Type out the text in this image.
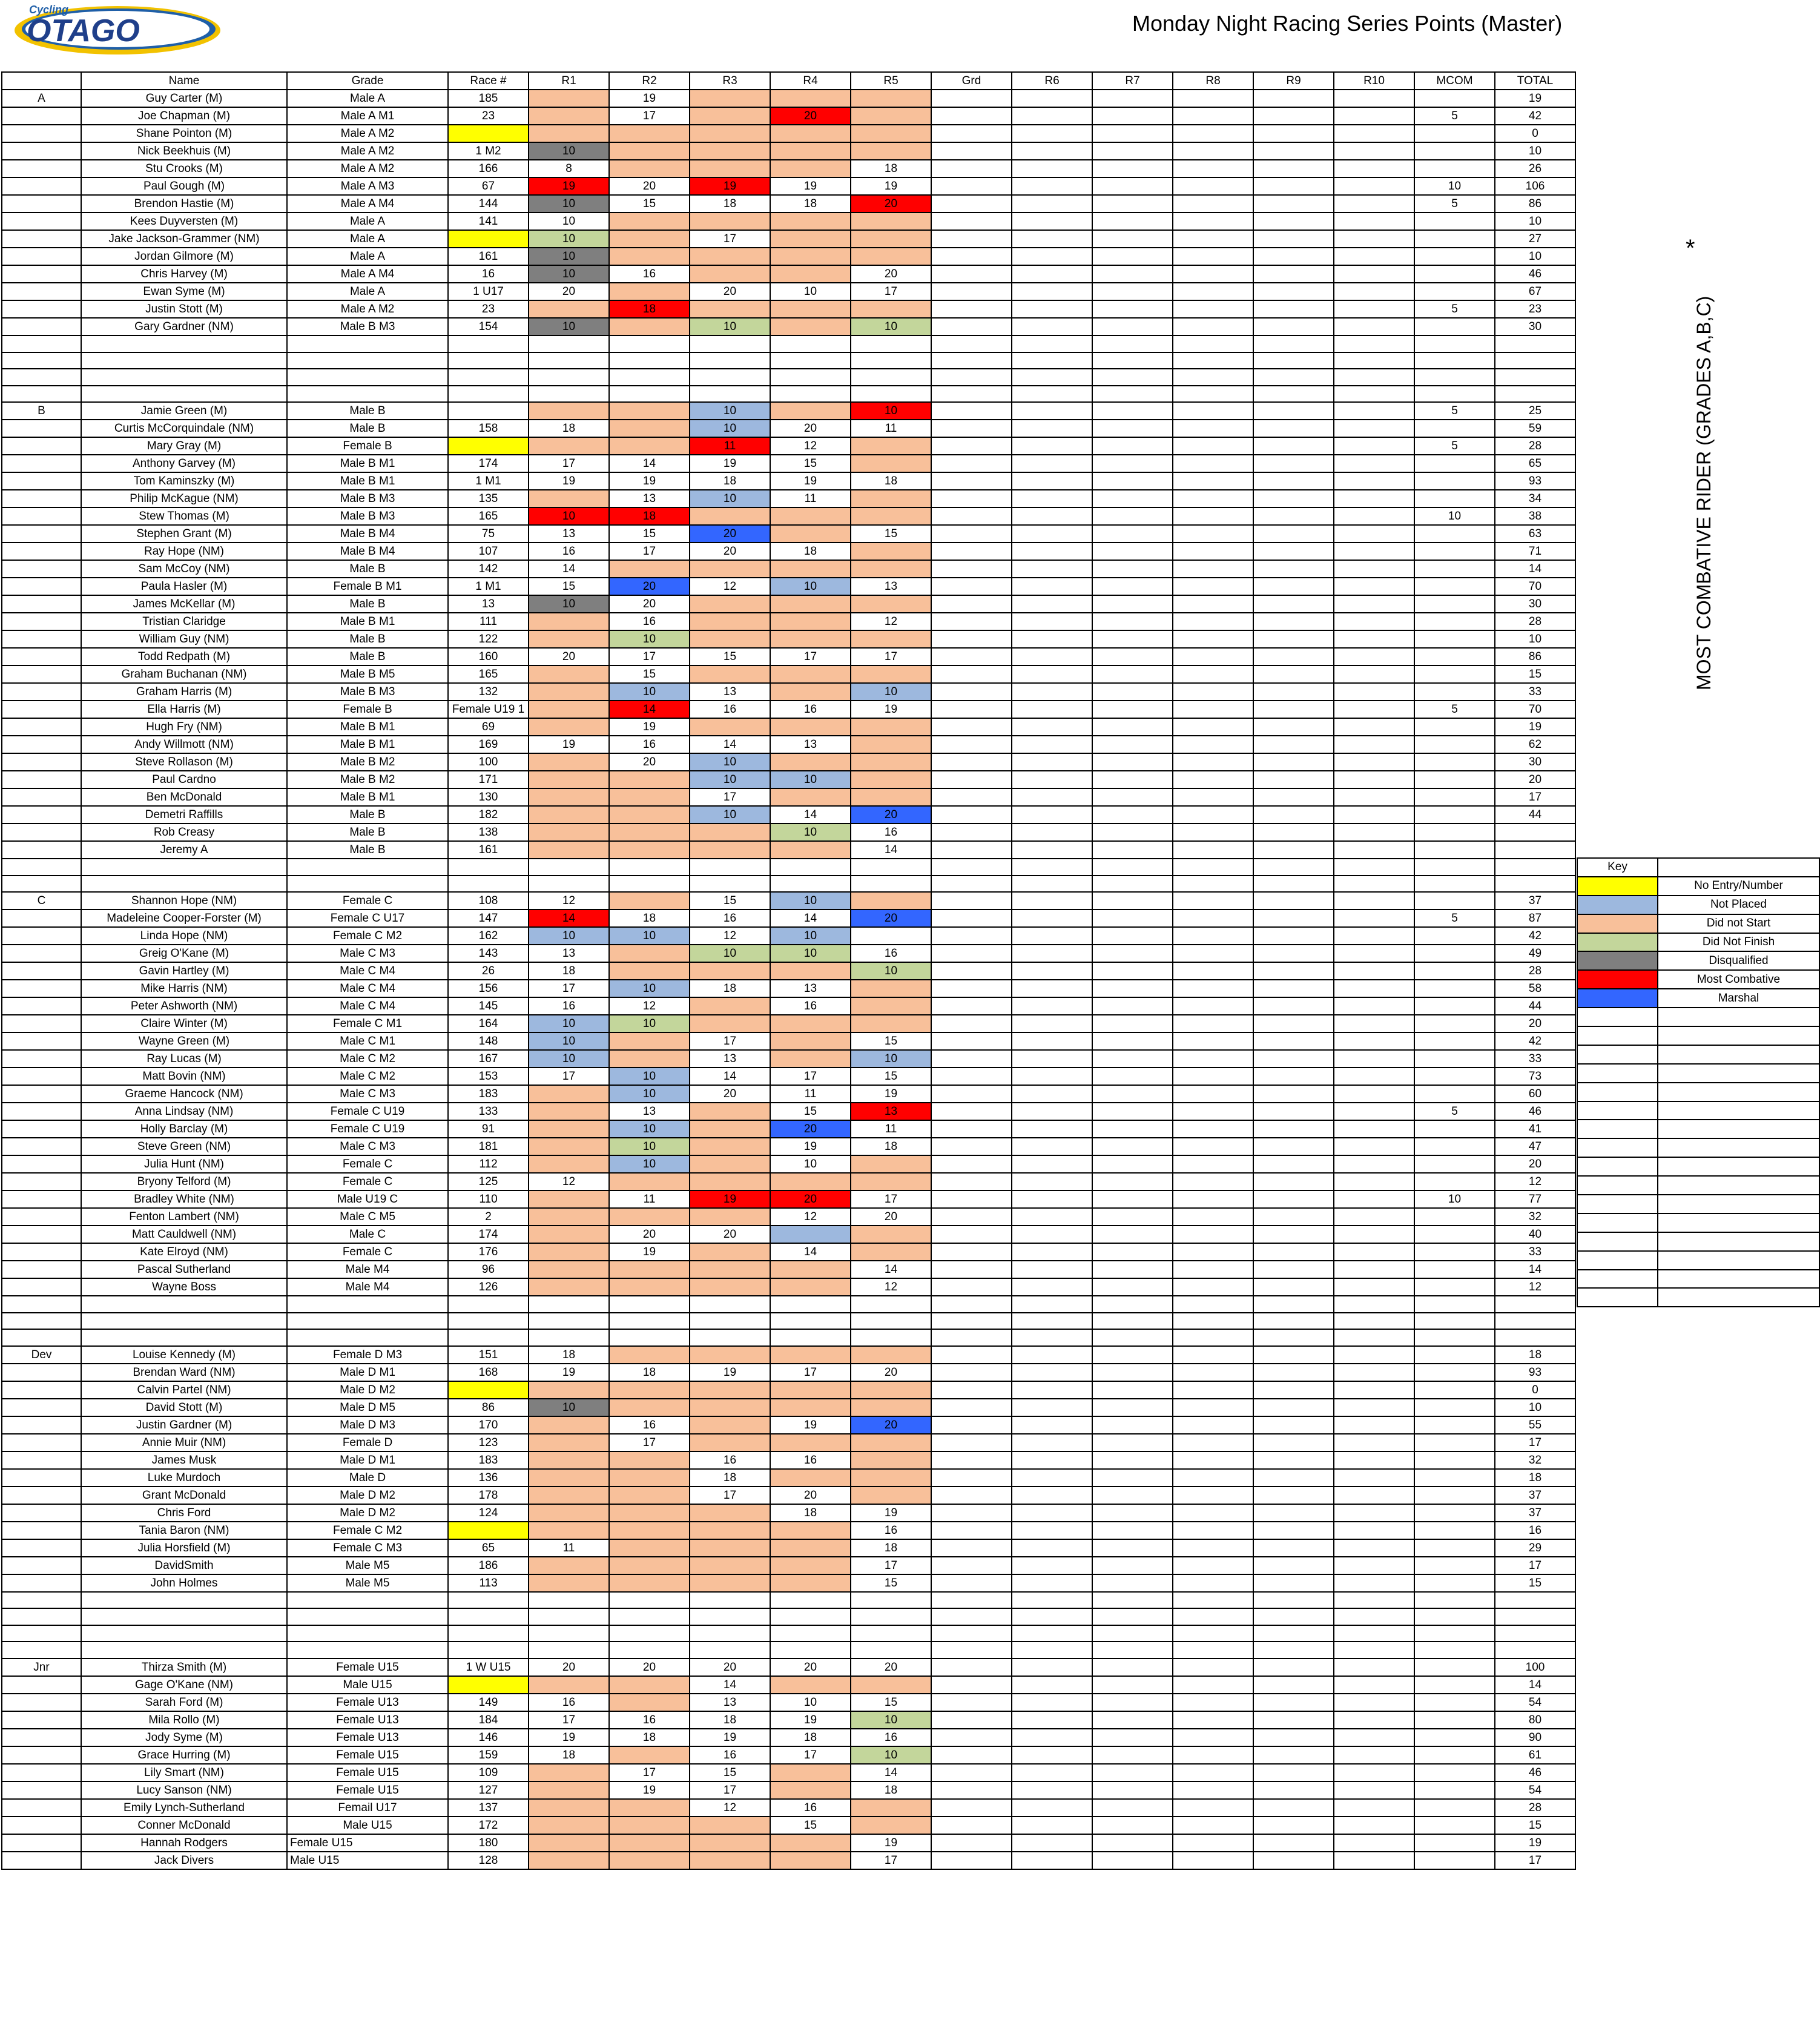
Cycling
OTAGO	Monday Night Racing Series Points (Master)
	Name	Grade	Race #	R1	R2	R3	R4	R5	Grd	R6	R7	R8	R9	R10	MCOM	TOTAL
A	Guy Carter (M)	Male A	185		19											19
	Joe Chapman (M)	Male A M1	23		17		20								5	42
	Shane Pointon (M)	Male A M2														0
	Nick Beekhuis (M)	Male A M2	1 M2	10												10
	Stu Crooks (M)	Male A M2	166	8				18								26
	Paul Gough (M)	Male A M3	67	19	20	19	19	19							10	106
	Brendon Hastie (M)	Male A M4	144	10	15	18	18	20							5	86
	Kees Duyversten (M)	Male A	141	10												10
	Jake Jackson-Grammer (NM)	Male A		10		17										27
	Jordan Gilmore (M)	Male A	161	10												10
	Chris Harvey (M)	Male A M4	16	10	16			20								46
	Ewan Syme (M)	Male A	1 U17	20		20	10	17								67
	Justin Stott (M)	Male A M2	23		18										5	23
	Gary Gardner (NM)	Male B M3	154	10		10		10								30

B	Jamie Green (M)	Male B				10		10							5	25
	Curtis McCorquindale (NM)	Male B	158	18		10	20	11								59
	Mary Gray (M)	Female B				11	12								5	28
	Anthony Garvey (M)	Male B M1	174	17	14	19	15									65
	Tom Kaminszky (M)	Male B M1	1 M1	19	19	18	19	18								93
	Philip McKague (NM)	Male B M3	135		13	10	11									34
	Stew Thomas (M)	Male B M3	165	10	18										10	38
	Stephen Grant (M)	Male B M4	75	13	15	20		15								63
	Ray Hope (NM)	Male B M4	107	16	17	20	18									71
	Sam McCoy (NM)	Male B	142	14												14
	Paula Hasler (M)	Female B M1	1 M1	15	20	12	10	13								70
	James McKellar (M)	Male B	13	10	20											30
	Tristian Claridge	Male B M1	111		16			12								28
	William Guy (NM)	Male B	122		10											10
	Todd Redpath (M)	Male B	160	20	17	15	17	17								86
	Graham Buchanan (NM)	Male B M5	165		15											15
	Graham Harris (M)	Male B M3	132		10	13		10								33
	Ella Harris (M)	Female B	Female U19 1		14	16	16	19							5	70
	Hugh Fry (NM)	Male B M1	69		19											19
	Andy Willmott (NM)	Male B M1	169	19	16	14	13									62
	Steve Rollason (M)	Male B M2	100		20	10										30
	Paul Cardno	Male B M2	171			10	10									20
	Ben McDonald	Male B M1	130			17										17
	Demetri Raffills	Male B	182			10	14	20								44
	Rob Creasy	Male B	138				10	16								
	Jeremy A	Male B	161					14								

C	Shannon Hope (NM)	Female C	108	12		15	10									37
	Madeleine Cooper-Forster (M)	Female C U17	147	14	18	16	14	20							5	87
	Linda Hope (NM)	Female C M2	162	10	10	12	10									42
	Greig O'Kane (M)	Male C M3	143	13		10	10	16								49
	Gavin Hartley (M)	Male C M4	26	18				10								28
	Mike Harris (NM)	Male C M4	156	17	10	18	13									58
	Peter Ashworth (NM)	Male C M4	145	16	12		16									44
	Claire Winter (M)	Female C M1	164	10	10											20
	Wayne Green (M)	Male C M1	148	10		17		15								42
	Ray Lucas (M)	Male C M2	167	10		13		10								33
	Matt Bovin (NM)	Male C M2	153	17	10	14	17	15								73
	Graeme Hancock (NM)	Male C M3	183		10	20	11	19								60
	Anna Lindsay (NM)	Female C U19	133		13		15	13							5	46
	Holly Barclay (M)	Female C U19	91		10		20	11								41
	Steve Green (NM)	Male C M3	181		10		19	18								47
	Julia Hunt (NM)	Female C	112		10		10									20
	Bryony Telford (M)	Female C	125	12												12
	Bradley White (NM)	Male U19 C	110		11	19	20	17							10	77
	Fenton Lambert (NM)	Male C M5	2				12	20								32
	Matt Cauldwell (NM)	Male C	174		20	20										40
	Kate Elroyd (NM)	Female C	176		19		14									33
	Pascal Sutherland	Male M4	96					14								14
	Wayne Boss	Male M4	126					12								12

Dev	Louise Kennedy (M)	Female D M3	151	18												18
	Brendan Ward (NM)	Male D M1	168	19	18	19	17	20								93
	Calvin Partel (NM)	Male D M2														0
	David Stott (M)	Male D M5	86	10												10
	Justin Gardner (M)	Male D M3	170		16		19	20								55
	Annie Muir (NM)	Female D	123		17											17
	James Musk	Male D M1	183			16	16									32
	Luke Murdoch	Male D	136			18										18
	Grant McDonald	Male D M2	178			17	20									37
	Chris Ford	Male D M2	124				18	19								37
	Tania Baron (NM)	Female C M2						16								16
	Julia Horsfield (M)	Female C M3	65	11				18								29
	DavidSmith	Male M5	186					17								17
	John Holmes	Male M5	113					15								15

Jnr	Thirza Smith (M)	Female U15	1 W U15	20	20	20	20	20								100
	Gage O'Kane (NM)	Male U15				14										14
	Sarah Ford (M)	Female U13	149	16		13	10	15								54
	Mila Rollo (M)	Female U13	184	17	16	18	19	10								80
	Jody Syme (M)	Female U13	146	19	18	19	18	16								90
	Grace Hurring (M)	Female U15	159	18		16	17	10								61
	Lily Smart (NM)	Female U15	109		17	15		14								46
	Lucy Sanson (NM)	Female U15	127		19	17		18								54
	Emily Lynch-Sutherland	Femail U17	137			12	16									28
	Conner McDonald	Male U15	172				15									15
	Hannah Rodgers	Female U15	180					19								19
	Jack Divers	Male U15	128					17								17
*
MOST COMBATIVE RIDER (GRADES A,B,C)
Key	
	No Entry/Number
	Not Placed
	Did not Start
	Did Not Finish
	Disqualified
	Most Combative
	Marshal
